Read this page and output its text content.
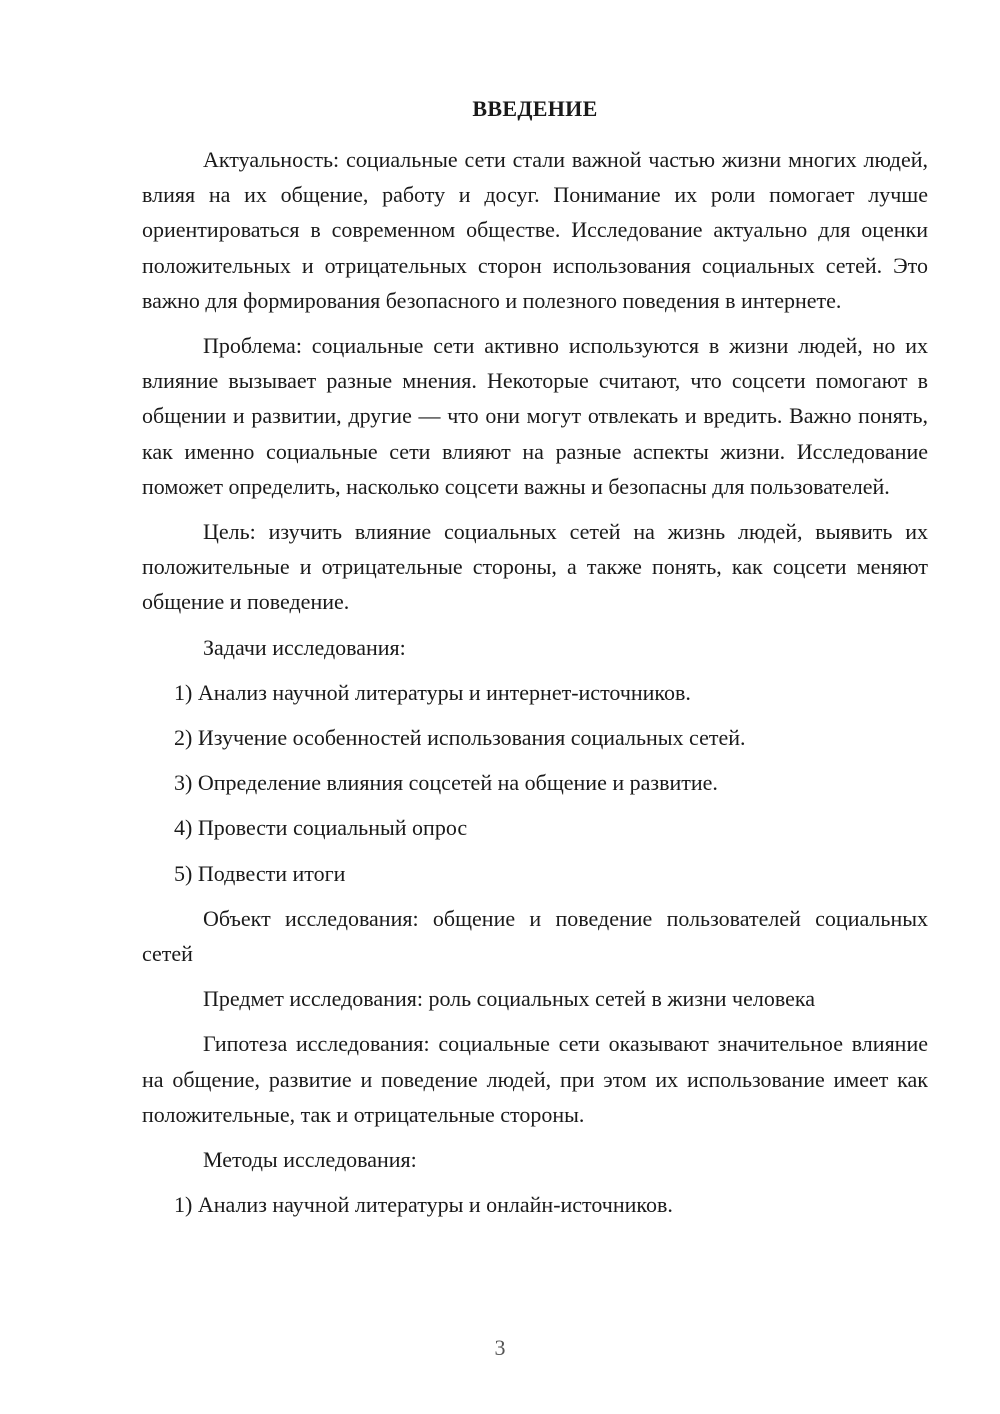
ВВЕДЕНИЕ

Актуальность: социальные сети стали важной частью жизни многих людей, влияя на их общение, работу и досуг. Понимание их роли помогает лучше ориентироваться в современном обществе. Исследование актуально для оценки положительных и отрицательных сторон использования социальных сетей. Это важно для формирования безопасного и полезного поведения в интернете.

Проблема: социальные сети активно используются в жизни людей, но их влияние вызывает разные мнения. Некоторые считают, что соцсети помогают в общении и развитии, другие — что они могут отвлекать и вредить. Важно понять, как именно социальные сети влияют на разные аспекты жизни. Исследование поможет определить, насколько соцсети важны и безопасны для пользователей.

Цель: изучить влияние социальных сетей на жизнь людей, выявить их положительные и отрицательные стороны, а также понять, как соцсети меняют общение и поведение.

Задачи исследования:
1) Анализ научной литературы и интернет-источников.
2) Изучение особенностей использования социальных сетей.
3) Определение влияния соцсетей на общение и развитие.
4) Провести социальный опрос
5) Подвести итоги

Объект исследования: общение и поведение пользователей социальных сетей

Предмет исследования: роль социальных сетей в жизни человека

Гипотеза исследования: социальные сети оказывают значительное влияние на общение, развитие и поведение людей, при этом их использование имеет как положительные, так и отрицательные стороны.

Методы исследования:
1) Анализ научной литературы и онлайн-источников.
3
